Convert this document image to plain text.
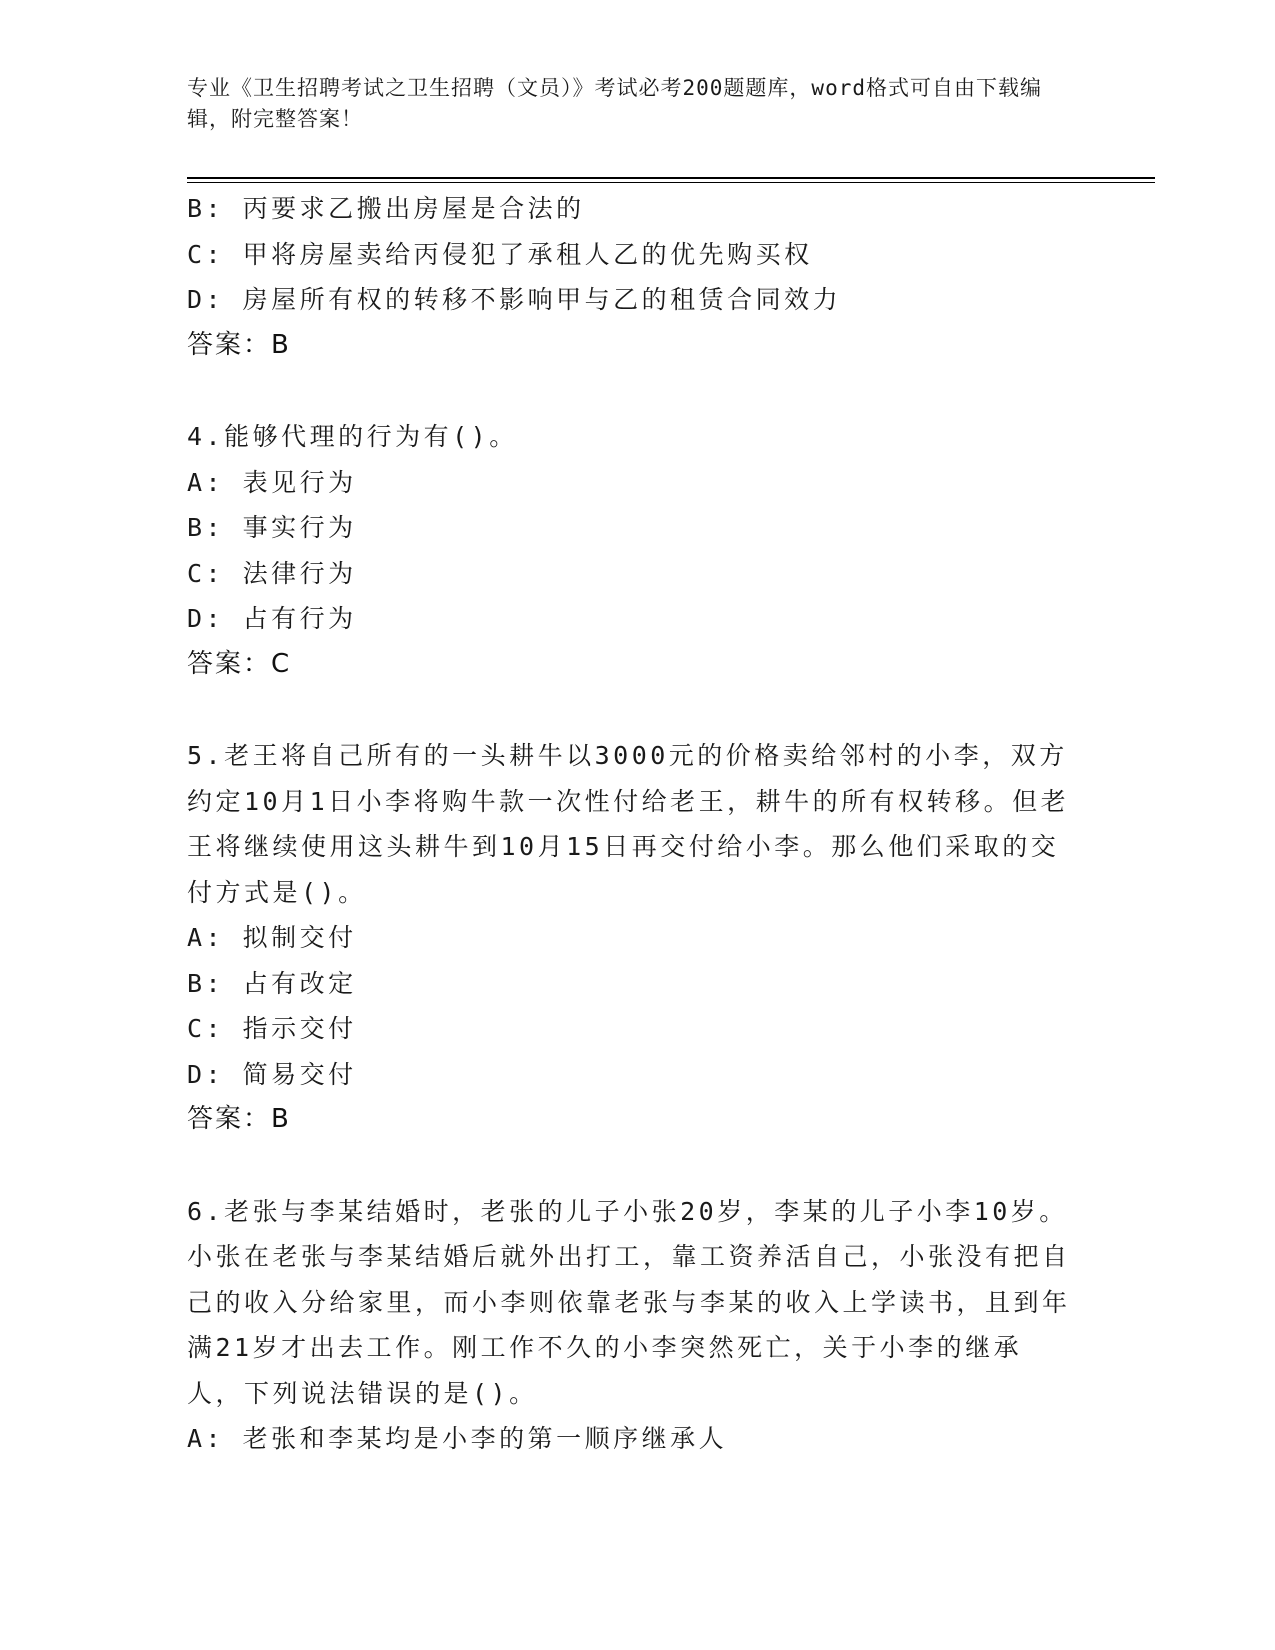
专业《卫生招聘考试之卫生招聘（文员）》考试必考200题题库，word格式可自由下载编辑，附完整答案！
B: 丙要求乙搬出房屋是合法的
C: 甲将房屋卖给丙侵犯了承租人乙的优先购买权
D: 房屋所有权的转移不影响甲与乙的租赁合同效力
答案：B
4.能够代理的行为有()。
A: 表见行为
B: 事实行为
C: 法律行为
D: 占有行为
答案：C
5.老王将自己所有的一头耕牛以3000元的价格卖给邻村的小李，双方约定10月1日小李将购牛款一次性付给老王，耕牛的所有权转移。但老王将继续使用这头耕牛到10月15日再交付给小李。那么他们采取的交付方式是()。
A: 拟制交付
B: 占有改定
C: 指示交付
D: 简易交付
答案：B
6.老张与李某结婚时，老张的儿子小张20岁，李某的儿子小李10岁。小张在老张与李某结婚后就外出打工，靠工资养活自己，小张没有把自己的收入分给家里，而小李则依靠老张与李某的收入上学读书，且到年满21岁才出去工作。刚工作不久的小李突然死亡，关于小李的继承人，下列说法错误的是()。
A: 老张和李某均是小李的第一顺序继承人
